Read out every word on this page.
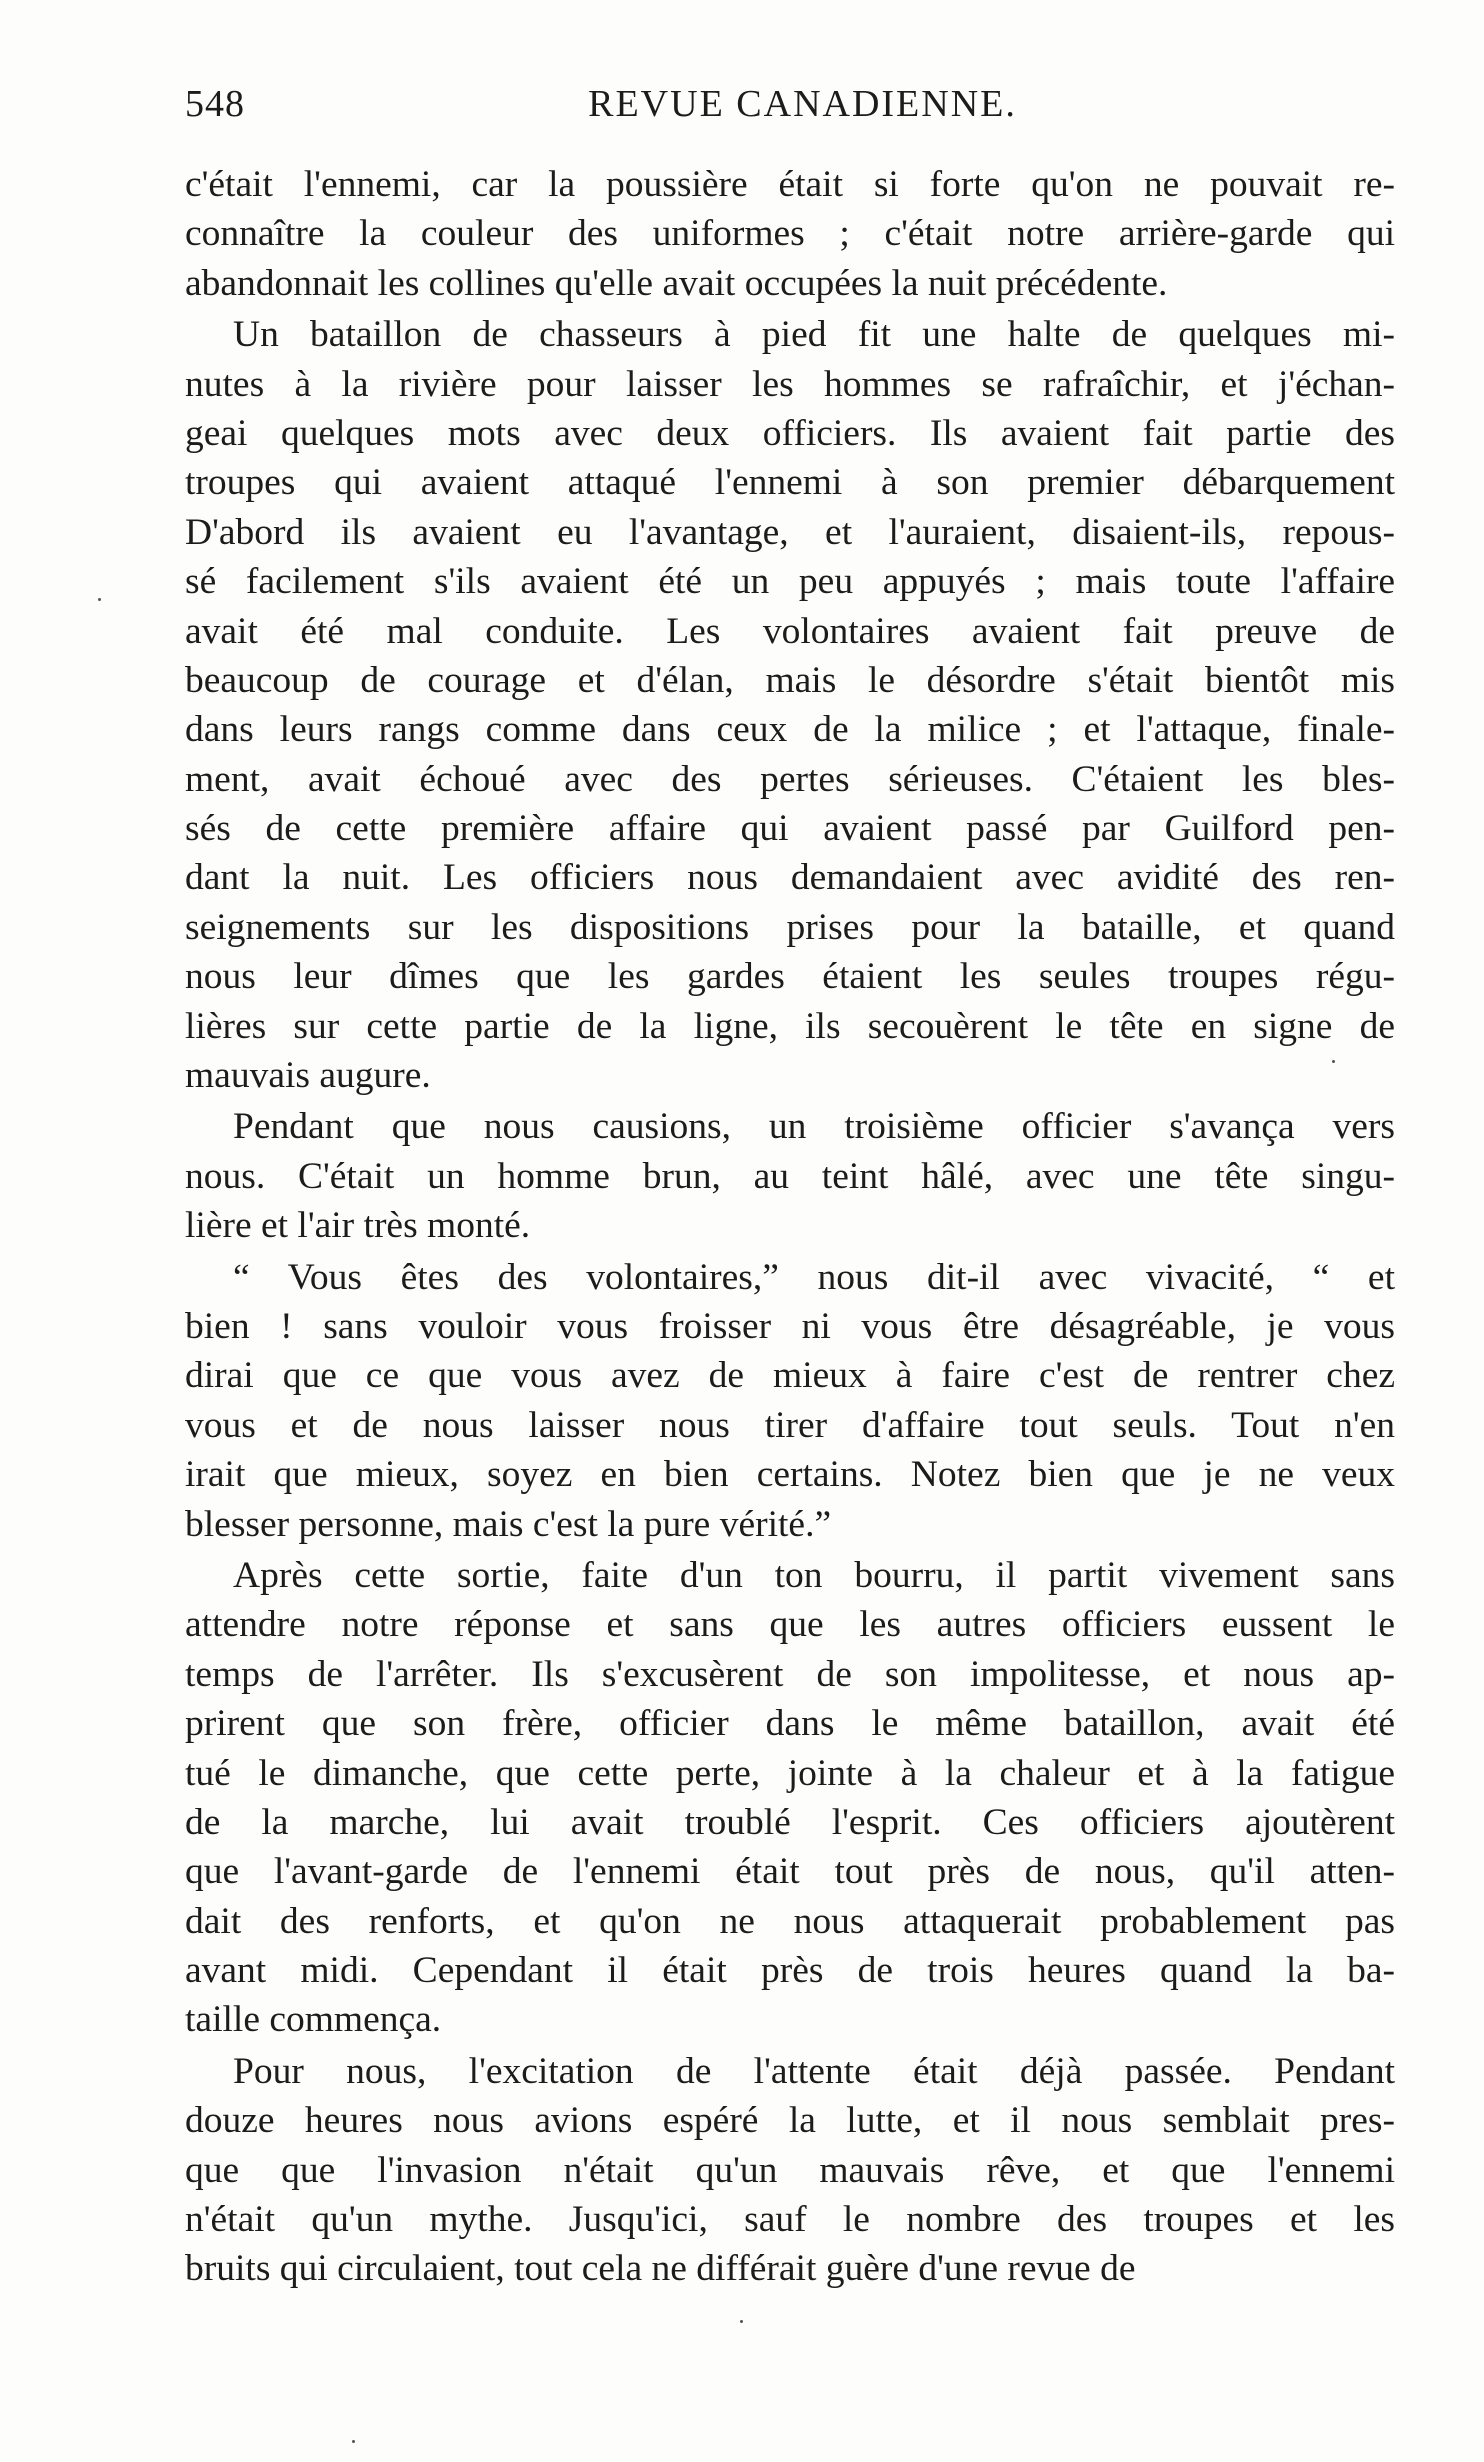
548	REVUE CANADIENNE.
c'était l'ennemi, car la poussière était si forte qu'on ne pouvait re-
connaître la couleur des uniformes ; c'était notre arrière-garde qui
abandonnait les collines qu'elle avait occupées la nuit précédente.
Un bataillon de chasseurs à pied fit une halte de quelques mi-
nutes à la rivière pour laisser les hommes se rafraîchir, et j'échan-
geai quelques mots avec deux officiers. Ils avaient fait partie des
troupes qui avaient attaqué l'ennemi à son premier débarquement
D'abord ils avaient eu l'avantage, et l'auraient, disaient-ils, repous-
sé facilement s'ils avaient été un peu appuyés ; mais toute l'affaire
avait été mal conduite. Les volontaires avaient fait preuve de
beaucoup de courage et d'élan, mais le désordre s'était bientôt mis
dans leurs rangs comme dans ceux de la milice ; et l'attaque, finale-
ment, avait échoué avec des pertes sérieuses. C'étaient les bles-
sés de cette première affaire qui avaient passé par Guilford pen-
dant la nuit. Les officiers nous demandaient avec avidité des ren-
seignements sur les dispositions prises pour la bataille, et quand
nous leur dîmes que les gardes étaient les seules troupes régu-
lières sur cette partie de la ligne, ils secouèrent le tête en signe de
mauvais augure.
Pendant que nous causions, un troisième officier s'avança vers
nous. C'était un homme brun, au teint hâlé, avec une tête singu-
lière et l'air très monté.
“ Vous êtes des volontaires,” nous dit-il avec vivacité, “ et
bien ! sans vouloir vous froisser ni vous être désagréable, je vous
dirai que ce que vous avez de mieux à faire c'est de rentrer chez
vous et de nous laisser nous tirer d'affaire tout seuls. Tout n'en
irait que mieux, soyez en bien certains. Notez bien que je ne veux
blesser personne, mais c'est la pure vérité.”
Après cette sortie, faite d'un ton bourru, il partit vivement sans
attendre notre réponse et sans que les autres officiers eussent le
temps de l'arrêter. Ils s'excusèrent de son impolitesse, et nous ap-
prirent que son frère, officier dans le même bataillon, avait été
tué le dimanche, que cette perte, jointe à la chaleur et à la fatigue
de la marche, lui avait troublé l'esprit. Ces officiers ajoutèrent
que l'avant-garde de l'ennemi était tout près de nous, qu'il atten-
dait des renforts, et qu'on ne nous attaquerait probablement pas
avant midi. Cependant il était près de trois heures quand la ba-
taille commença.
Pour nous, l'excitation de l'attente était déjà passée. Pendant
douze heures nous avions espéré la lutte, et il nous semblait pres-
que que l'invasion n'était qu'un mauvais rêve, et que l'ennemi
n'était qu'un mythe. Jusqu'ici, sauf le nombre des troupes et les
bruits qui circulaient, tout cela ne différait guère d'une revue de
